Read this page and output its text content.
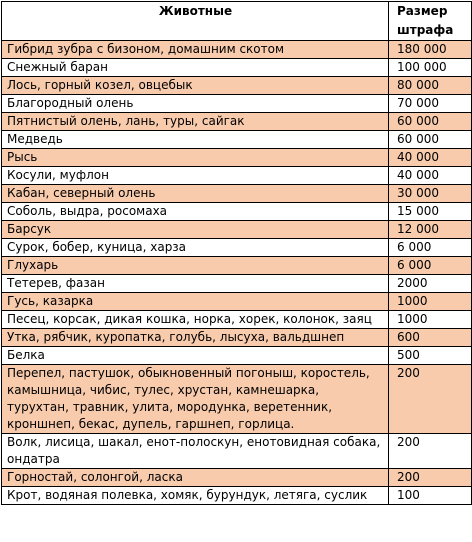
Животные	Размер штрафа
Гибрид зубра с бизоном, домашним скотом	180 000
Снежный баран	100 000
Лось, горный козел, овцебык	80 000
Благородный олень	70 000
Пятнистый олень, лань, туры, сайгак	60 000
Медведь	60 000
Рысь	40 000
Косули, муфлон	40 000
Кабан, северный олень	30 000
Соболь, выдра, росомаха	15 000
Барсук	12 000
Сурок, бобер, куница, харза	6 000
Глухарь	6 000
Тетерев, фазан	2000
Гусь, казарка	1000
Песец, корсак, дикая кошка, норка, хорек, колонок, заяц	1000
Утка, рябчик, куропатка, голубь, лысуха, вальдшнеп	600
Белка	500
Перепел, пастушок, обыкновенный погоныш, коростель, камышница, чибис, тулес, хрустан, камнешарка, турухтан, травник, улита, мородунка, веретенник, кроншнеп, бекас, дупель, гаршнеп, горлица.	200
Волк, лисица, шакал, енот-полоскун, енотовидная собака, ондатра	200
Горностай, солонгой, ласка	200
Крот, водяная полевка, хомяк, бурундук, летяга, суслик	100
